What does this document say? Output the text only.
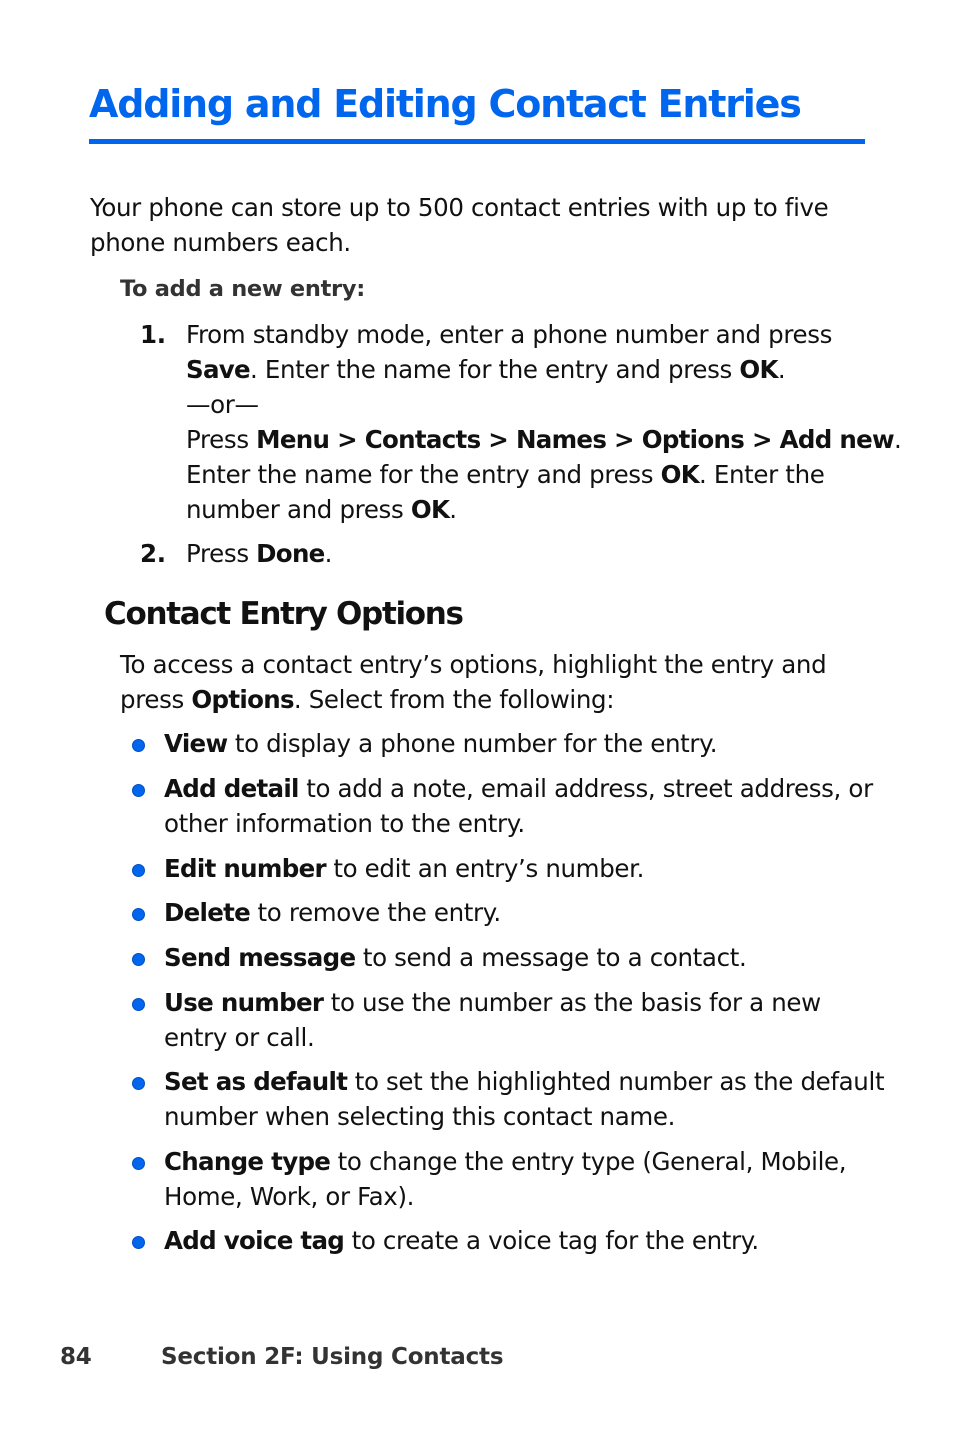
Adding and Editing Contact Entries

Your phone can store up to 500 contact entries with up to five
phone numbers each.

To add a new entry:

1. From standby mode, enter a phone number and press
Save. Enter the name for the entry and press OK.
—or—
Press Menu > Contacts > Names > Options > Add new.
Enter the name for the entry and press OK. Enter the
number and press OK.
2. Press Done.
Contact Entry Options

To access a contact entry’s options, highlight the entry and
press Options. Select from the following:

View to display a phone number for the entry.
Add detail to add a note, email address, street address, or
other information to the entry.
Edit number to edit an entry’s number.
Delete to remove the entry.
Send message to send a message to a contact.
Use number to use the number as the basis for a new
entry or call.
Set as default to set the highlighted number as the default
number when selecting this contact name.
Change type to change the entry type (General, Mobile,
Home, Work, or Fax).
Add voice tag to create a voice tag for the entry.
84	Section 2F: Using Contacts
